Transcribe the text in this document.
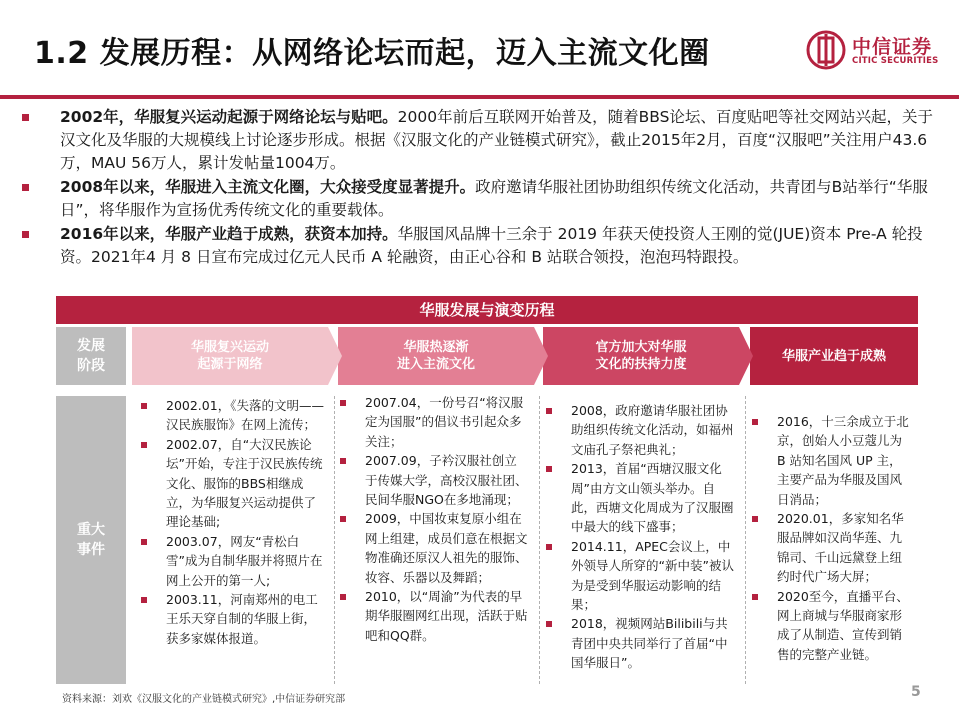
1.2 发展历程：从网络论坛而起，迈入主流文化圈	中信证券
CITIC SECURITIES
2002年，华服复兴运动起源于网络论坛与贴吧。2000年前后互联网开始普及，随着BBS论坛、百度贴吧等社交网站兴起，关于汉文化及华服的大规模线上讨论逐步形成。根据《汉服文化的产业链模式研究》，截止2015年2月，百度“汉服吧”关注用户43.6万，MAU 56万人，累计发帖量1004万。
2008年以来，华服进入主流文化圈，大众接受度显著提升。政府邀请华服社团协助组织传统文化活动，共青团与B站举行“华服日”，将华服作为宣扬优秀传统文化的重要载体。
2016年以来，华服产业趋于成熟，获资本加持。华服国风品牌十三余于 2019 年获天使投资人王刚的觉(JUE)资本 Pre-A 轮投资。2021年4 月 8 日宣布完成过亿元人民币 A 轮融资，由正心谷和 B 站联合领投，泡泡玛特跟投。
华服发展与演变历程
发展阶段
华服复兴运动
起源于网络
华服热逐渐
进入主流文化
官方加大对华服
文化的扶持力度
华服产业趋于成熟
重大事件
2002.01，《失落的文明——汉民族服饰》在网上流传；
2002.07，自“大汉民族论坛”开始，专注于汉民族传统文化、服饰的BBS相继成立，为华服复兴运动提供了理论基础;
2003.07，网友“青松白雪”成为自制华服并将照片在网上公开的第一人;
2003.11，河南郑州的电工王乐天穿自制的华服上街，获多家媒体报道。
2007.04，一份号召“将汉服定为国服”的倡议书引起众多关注；
2007.09，子衿汉服社创立于传媒大学，高校汉服社团、民间华服NGO在多地涌现；
2009，中国妆束复原小组在网上组建，成员们意在根据文物准确还原汉人祖先的服饰、妆容、乐器以及舞蹈；
2010，以“周渝”为代表的早期华服圈网红出现，活跃于贴吧和QQ群。
2008，政府邀请华服社团协助组织传统文化活动，如福州文庙孔子祭祀典礼；
2013，首届“西塘汉服文化周”由方文山领头举办。自此，西塘文化周成为了汉服圈中最大的线下盛事；
2014.11，APEC会议上，中外领导人所穿的“新中装”被认为是受到华服运动影响的结果；
2018，视频网站Bilibili与共青团中央共同举行了首届“中国华服日”。
2016，十三余成立于北京，创始人小豆蔻儿为 B 站知名国风 UP 主，主要产品为华服及国风日消品；
2020.01，多家知名华服品牌如汉尚华莲、九锦司、千山远黛登上纽约时代广场大屏；
2020至今，直播平台、网上商城与华服商家形成了从制造、宣传到销售的完整产业链。
资料来源：刘欢《汉服文化的产业链模式研究》,中信证券研究部	5
